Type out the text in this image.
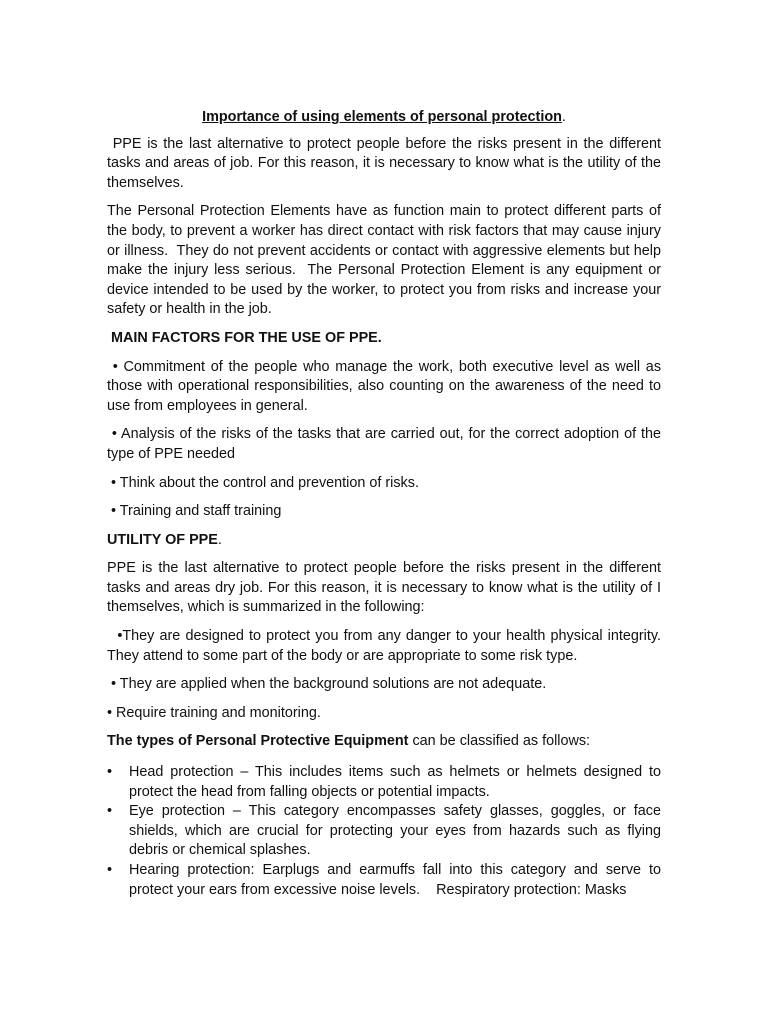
Importance of using elements of personal protection.

PPE is the last alternative to protect people before the risks present in the different tasks and areas of job. For this reason, it is necessary to know what is the utility of the themselves.

The Personal Protection Elements have as function main to protect different parts of the body, to prevent a worker has direct contact with risk factors that may cause injury or illness.  They do not prevent accidents or contact with aggressive elements but help make the injury less serious.  The Personal Protection Element is any equipment or device intended to be used by the worker, to protect you from risks and increase your safety or health in the job.

MAIN FACTORS FOR THE USE OF PPE.

• Commitment of the people who manage the work, both executive level as well as those with operational responsibilities, also counting on the awareness of the need to use from employees in general.

• Analysis of the risks of the tasks that are carried out, for the correct adoption of the type of PPE needed

• Think about the control and prevention of risks.

• Training and staff training

UTILITY OF PPE.

PPE is the last alternative to protect people before the risks present in the different tasks and areas dry job. For this reason, it is necessary to know what is the utility of I themselves, which is summarized in the following:

•They are designed to protect you from any danger to your health physical integrity.  They attend to some part of the body or are appropriate to some risk type.

• They are applied when the background solutions are not adequate.

• Require training and monitoring.

The types of Personal Protective Equipment can be classified as follows:

• Head protection – This includes items such as helmets or helmets designed to protect the head from falling objects or potential impacts.
• Eye protection – This category encompasses safety glasses, goggles, or face shields, which are crucial for protecting your eyes from hazards such as flying debris or chemical splashes.
• Hearing protection: Earplugs and earmuffs fall into this category and serve to protect your ears from excessive noise levels.    Respiratory protection: Masks
